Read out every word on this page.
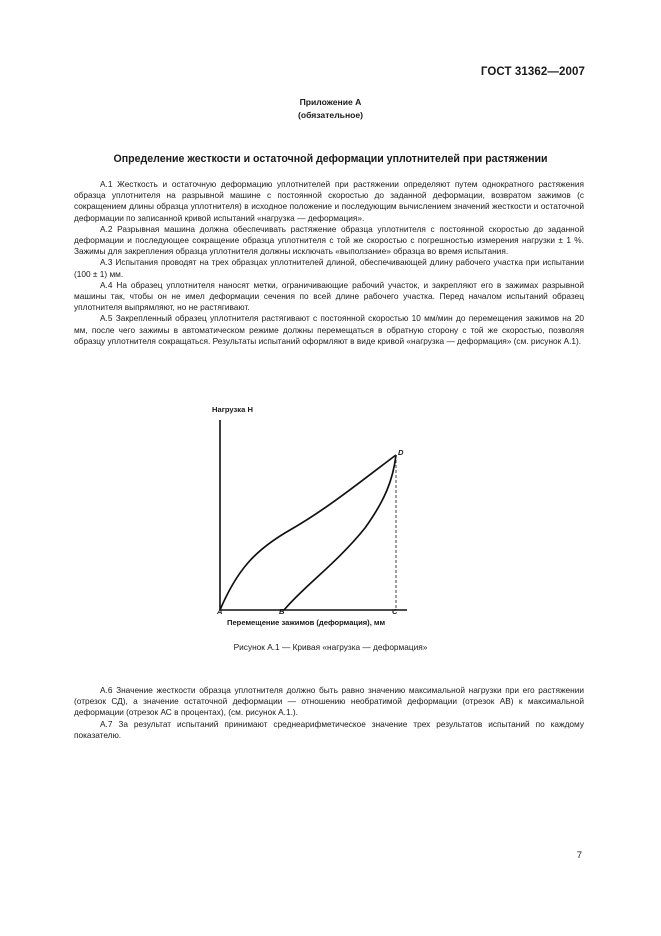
ГОСТ 31362—2007
Приложение А
(обязательное)
Определение жесткости и остаточной деформации уплотнителей при растяжении

А.1 Жесткость и остаточную деформацию уплотнителей при растяжении определяют путем однократного растяжения образца уплотнителя на разрывной машине с постоянной скоростью до заданной деформации, возвратом зажимов (с сокращением длины образца уплотнителя) в исходное положение и последующим вычислением значений жесткости и остаточной деформации по записанной кривой испытаний «нагрузка — деформация».

А.2 Разрывная машина должна обеспечивать растяжение образца уплотнителя с постоянной скоростью до заданной деформации и последующее сокращение образца уплотнителя с той же скоростью с погрешностью измерения нагрузки ± 1 %. Зажимы для закрепления образца уплотнителя должны исключать «выползание» образца во время испытания.

А.3 Испытания проводят на трех образцах уплотнителей длиной, обеспечивающей длину рабочего участка при испытании (100 ± 1) мм.

А.4 На образец уплотнителя наносят метки, ограничивающие рабочий участок, и закрепляют его в зажимах разрывной машины так, чтобы он не имел деформации сечения по всей длине рабочего участка. Перед началом испытаний образец уплотнителя выпрямляют, но не растягивают.

А.5 Закрепленный образец уплотнителя растягивают с постоянной скоростью 10 мм/мин до перемещения зажимов на 20 мм, после чего зажимы в автоматическом режиме должны перемещаться в обратную сторону с той же скоростью, позволяя образцу уплотнителя сокращаться. Результаты испытаний оформляют в виде кривой «нагрузка — деформация» (см. рисунок А.1).

Нагрузка H
D
A	B	C
Перемещение зажимов (деформация), мм
Рисунок А.1 — Кривая «нагрузка — деформация»

А.6 Значение жесткости образца уплотнителя должно быть равно значению максимальной нагрузки при его растяжении (отрезок СД), а значение остаточной деформации — отношению необратимой деформации (отрезок АВ) к максимальной деформации (отрезок АС в процентах), (см. рисунок А.1.).

А.7 За результат испытаний принимают среднеарифметическое значение трех результатов испытаний по каждому показателю.

7
